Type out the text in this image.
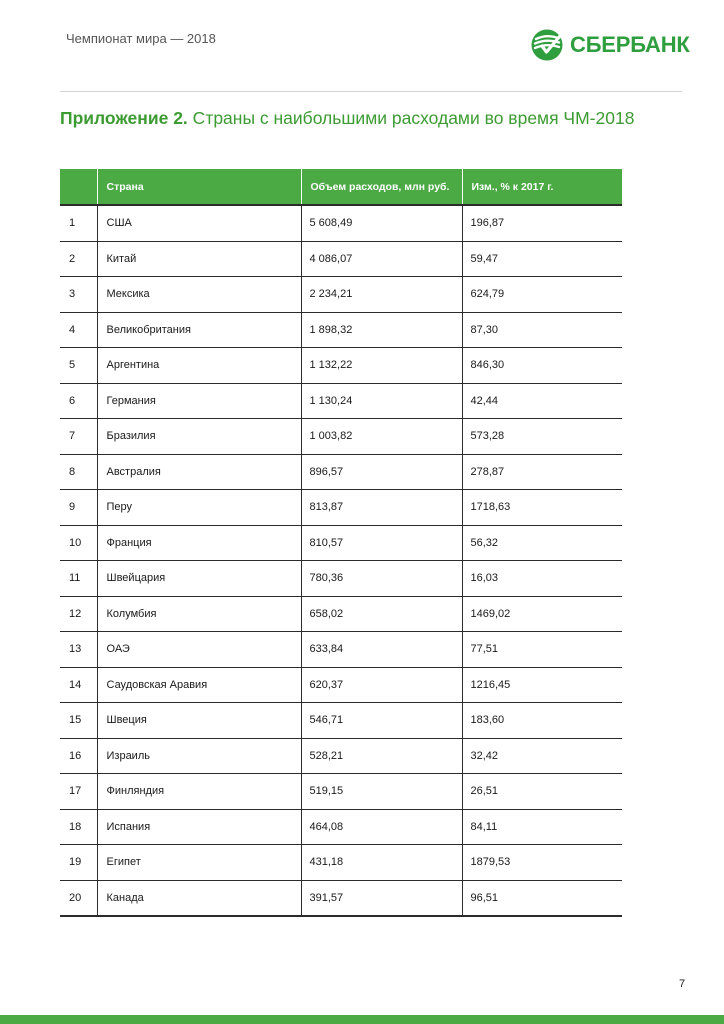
Чемпионат мира — 2018	СБЕРБАНК
Приложение 2. Страны с наибольшими расходами во время ЧМ-2018
	Страна	Объем расходов, млн руб.	Изм., % к 2017 г.
1	США	5 608,49	196,87
2	Китай	4 086,07	59,47
3	Мексика	2 234,21	624,79
4	Великобритания	1 898,32	87,30
5	Аргентина	1 132,22	846,30
6	Германия	1 130,24	42,44
7	Бразилия	1 003,82	573,28
8	Австралия	896,57	278,87
9	Перу	813,87	1718,63
10	Франция	810,57	56,32
11	Швейцария	780,36	16,03
12	Колумбия	658,02	1469,02
13	ОАЭ	633,84	77,51
14	Саудовская Аравия	620,37	1216,45
15	Швеция	546,71	183,60
16	Израиль	528,21	32,42
17	Финляндия	519,15	26,51
18	Испания	464,08	84,11
19	Египет	431,18	1879,53
20	Канада	391,57	96,51
7
